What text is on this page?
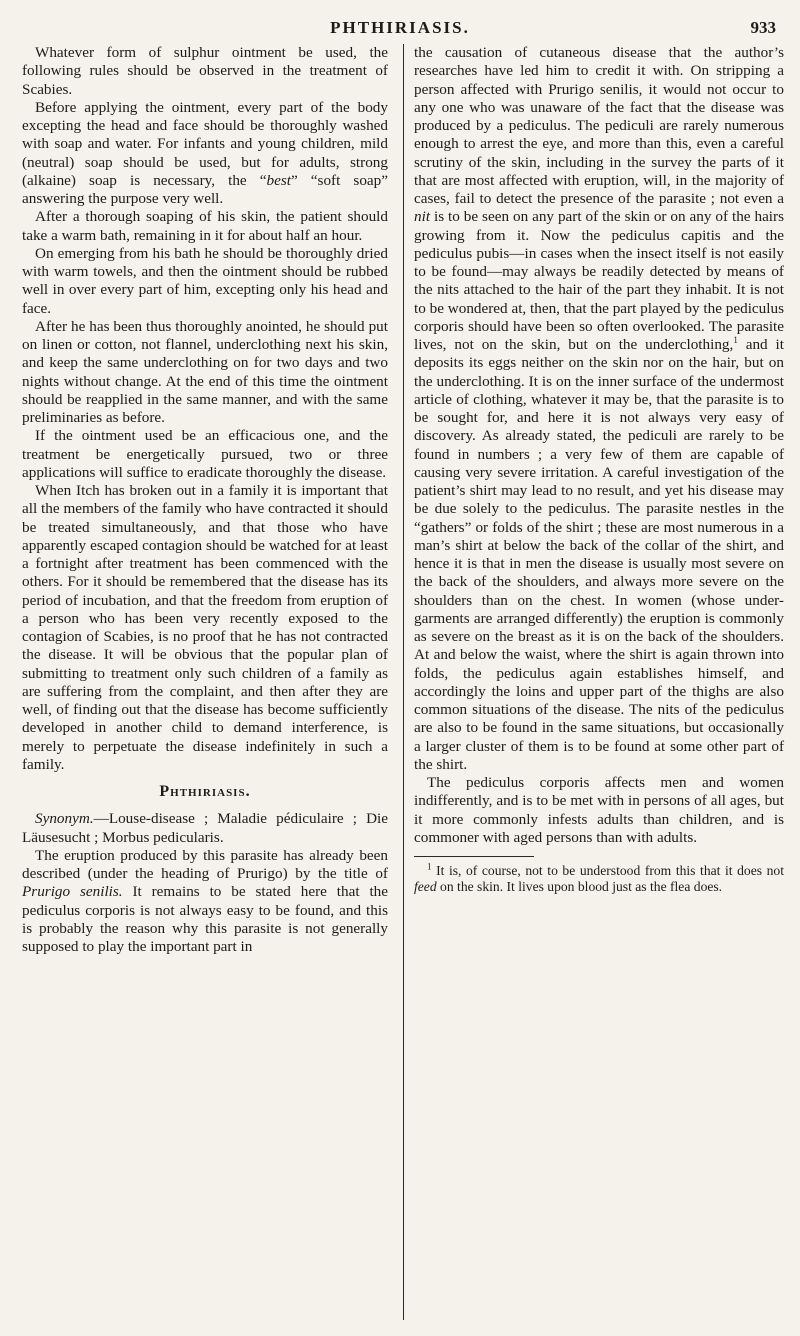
PHTHIRIASIS.	933

Whatever form of sulphur ointment be used, the following rules should be observed in the treatment of Scabies.

Before applying the ointment, every part of the body excepting the head and face should be thoroughly washed with soap and water. For infants and young children, mild (neutral) soap should be used, but for adults, strong (alkaine) soap is necessary, the “best” “soft soap” answering the purpose very well.

After a thorough soaping of his skin, the patient should take a warm bath, remaining in it for about half an hour.

On emerging from his bath he should be thoroughly dried with warm towels, and then the ointment should be rubbed well in over every part of him, excepting only his head and face.

After he has been thus thoroughly anointed, he should put on linen or cotton, not flannel, underclothing next his skin, and keep the same underclothing on for two days and two nights without change. At the end of this time the ointment should be reapplied in the same manner, and with the same preliminaries as before.

If the ointment used be an efficacious one, and the treatment be energetically pursued, two or three applications will suffice to eradicate thoroughly the disease.

When Itch has broken out in a family it is important that all the members of the family who have contracted it should be treated simultaneously, and that those who have apparently escaped contagion should be watched for at least a fortnight after treatment has been commenced with the others. For it should be remembered that the disease has its period of incubation, and that the freedom from eruption of a person who has been very recently exposed to the contagion of Scabies, is no proof that he has not contracted the disease. It will be obvious that the popular plan of submitting to treatment only such children of a family as are suffering from the complaint, and then after they are well, of finding out that the disease has become sufficiently developed in another child to demand interference, is merely to perpetuate the disease indefinitely in such a family.

Phthiriasis.

Synonym.—Louse-disease ; Maladie pédiculaire ; Die Läusesucht ; Morbus pedicularis.

The eruption produced by this parasite has already been described (under the heading of Prurigo) by the title of Prurigo senilis. It remains to be stated here that the pediculus corporis is not always easy to be found, and this is probably the reason why this parasite is not generally supposed to play the important part in

the causation of cutaneous disease that the author’s researches have led him to credit it with. On stripping a person affected with Prurigo senilis, it would not occur to any one who was unaware of the fact that the disease was produced by a pediculus. The pediculi are rarely numerous enough to arrest the eye, and more than this, even a careful scrutiny of the skin, including in the survey the parts of it that are most affected with eruption, will, in the majority of cases, fail to detect the presence of the parasite ; not even a nit is to be seen on any part of the skin or on any of the hairs growing from it. Now the pediculus capitis and the pediculus pubis—in cases when the insect itself is not easily to be found—may always be readily detected by means of the nits attached to the hair of the part they inhabit. It is not to be wondered at, then, that the part played by the pediculus corporis should have been so often overlooked. The parasite lives, not on the skin, but on the underclothing,$^1$ and it deposits its eggs neither on the skin nor on the hair, but on the underclothing. It is on the inner surface of the undermost article of clothing, whatever it may be, that the parasite is to be sought for, and here it is not always very easy of discovery. As already stated, the pediculi are rarely to be found in numbers ; a very few of them are capable of causing very severe irritation. A careful investigation of the patient’s shirt may lead to no result, and yet his disease may be due solely to the pediculus. The parasite nestles in the “gathers” or folds of the shirt ; these are most numerous in a man’s shirt at below the back of the collar of the shirt, and hence it is that in men the disease is usually most severe on the back of the shoulders, and always more severe on the shoulders than on the chest. In women (whose under-garments are arranged differently) the eruption is commonly as severe on the breast as it is on the back of the shoulders. At and below the waist, where the shirt is again thrown into folds, the pediculus again establishes himself, and accordingly the loins and upper part of the thighs are also common situations of the disease. The nits of the pediculus are also to be found in the same situations, but occasionally a larger cluster of them is to be found at some other part of the shirt.

The pediculus corporis affects men and women indifferently, and is to be met with in persons of all ages, but it more commonly infests adults than children, and is commoner with aged persons than with adults.

$^1$ It is, of course, not to be understood from this that it does not feed on the skin. It lives upon blood just as the flea does.
